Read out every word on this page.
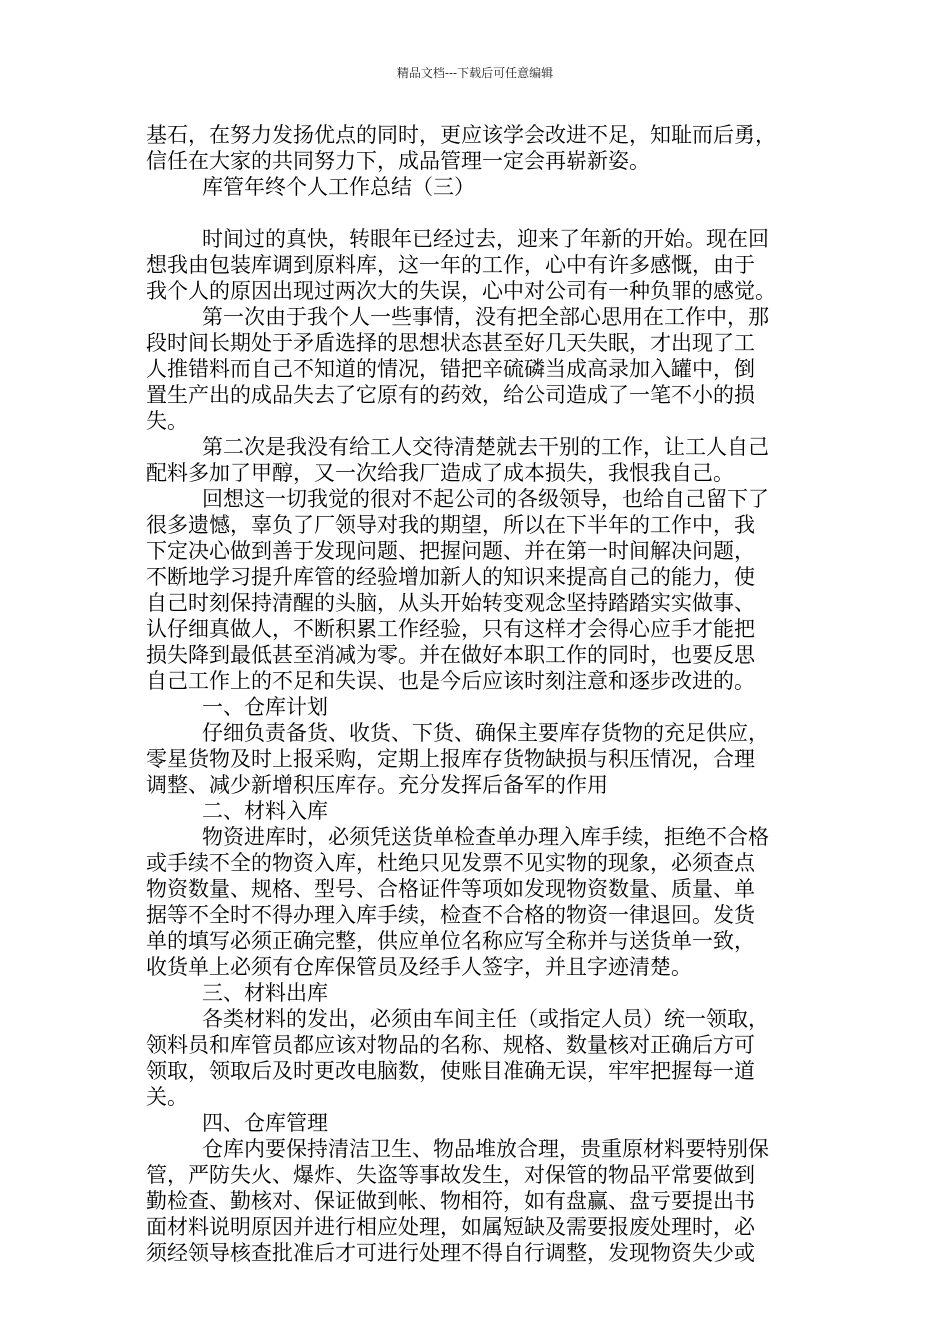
精品文档---下载后可任意编辑
基石，在努力发扬优点的同时，更应该学会改进不足，知耻而后勇，
信任在大家的共同努力下，成品管理一定会再崭新姿。
库管年终个人工作总结（三）
时间过的真快，转眼年已经过去，迎来了年新的开始。现在回
想我由包装库调到原料库，这一年的工作，心中有许多感慨，由于
我个人的原因出现过两次大的失误，心中对公司有一种负罪的感觉。
第一次由于我个人一些事情，没有把全部心思用在工作中，那
段时间长期处于矛盾选择的思想状态甚至好几天失眠，才出现了工
人推错料而自己不知道的情况，错把辛硫磷当成高录加入罐中，倒
置生产出的成品失去了它原有的药效，给公司造成了一笔不小的损
失。
第二次是我没有给工人交待清楚就去干别的工作，让工人自己
配料多加了甲醇，又一次给我厂造成了成本损失，我恨我自己。
回想这一切我觉的很对不起公司的各级领导，也给自己留下了
很多遗憾，辜负了厂领导对我的期望，所以在下半年的工作中，我
下定决心做到善于发现问题、把握问题、并在第一时间解决问题，
不断地学习提升库管的经验增加新人的知识来提高自己的能力，使
自己时刻保持清醒的头脑，从头开始转变观念坚持踏踏实实做事、
认仔细真做人，不断积累工作经验，只有这样才会得心应手才能把
损失降到最低甚至消减为零。并在做好本职工作的同时，也要反思
自己工作上的不足和失误、也是今后应该时刻注意和逐步改进的。
一、仓库计划
仔细负责备货、收货、下货、确保主要库存货物的充足供应，
零星货物及时上报采购，定期上报库存货物缺损与积压情况，合理
调整、减少新增积压库存。充分发挥后备军的作用
二、材料入库
物资进库时，必须凭送货单检查单办理入库手续，拒绝不合格
或手续不全的物资入库，杜绝只见发票不见实物的现象，必须查点
物资数量、规格、型号、合格证件等项如发现物资数量、质量、单
据等不全时不得办理入库手续，检查不合格的物资一律退回。发货
单的填写必须正确完整，供应单位名称应写全称并与送货单一致，
收货单上必须有仓库保管员及经手人签字，并且字迹清楚。
三、材料出库
各类材料的发出，必须由车间主任（或指定人员）统一领取，
领料员和库管员都应该对物品的名称、规格、数量核对正确后方可
领取，领取后及时更改电脑数，使账目准确无误，牢牢把握每一道
关。
四、仓库管理
仓库内要保持清洁卫生、物品堆放合理，贵重原材料要特别保
管，严防失火、爆炸、失盗等事故发生，对保管的物品平常要做到
勤检查、勤核对、保证做到帐、物相符，如有盘赢、盘亏要提出书
面材料说明原因并进行相应处理，如属短缺及需要报废处理时，必
须经领导核查批准后才可进行处理不得自行调整，发现物资失少或
